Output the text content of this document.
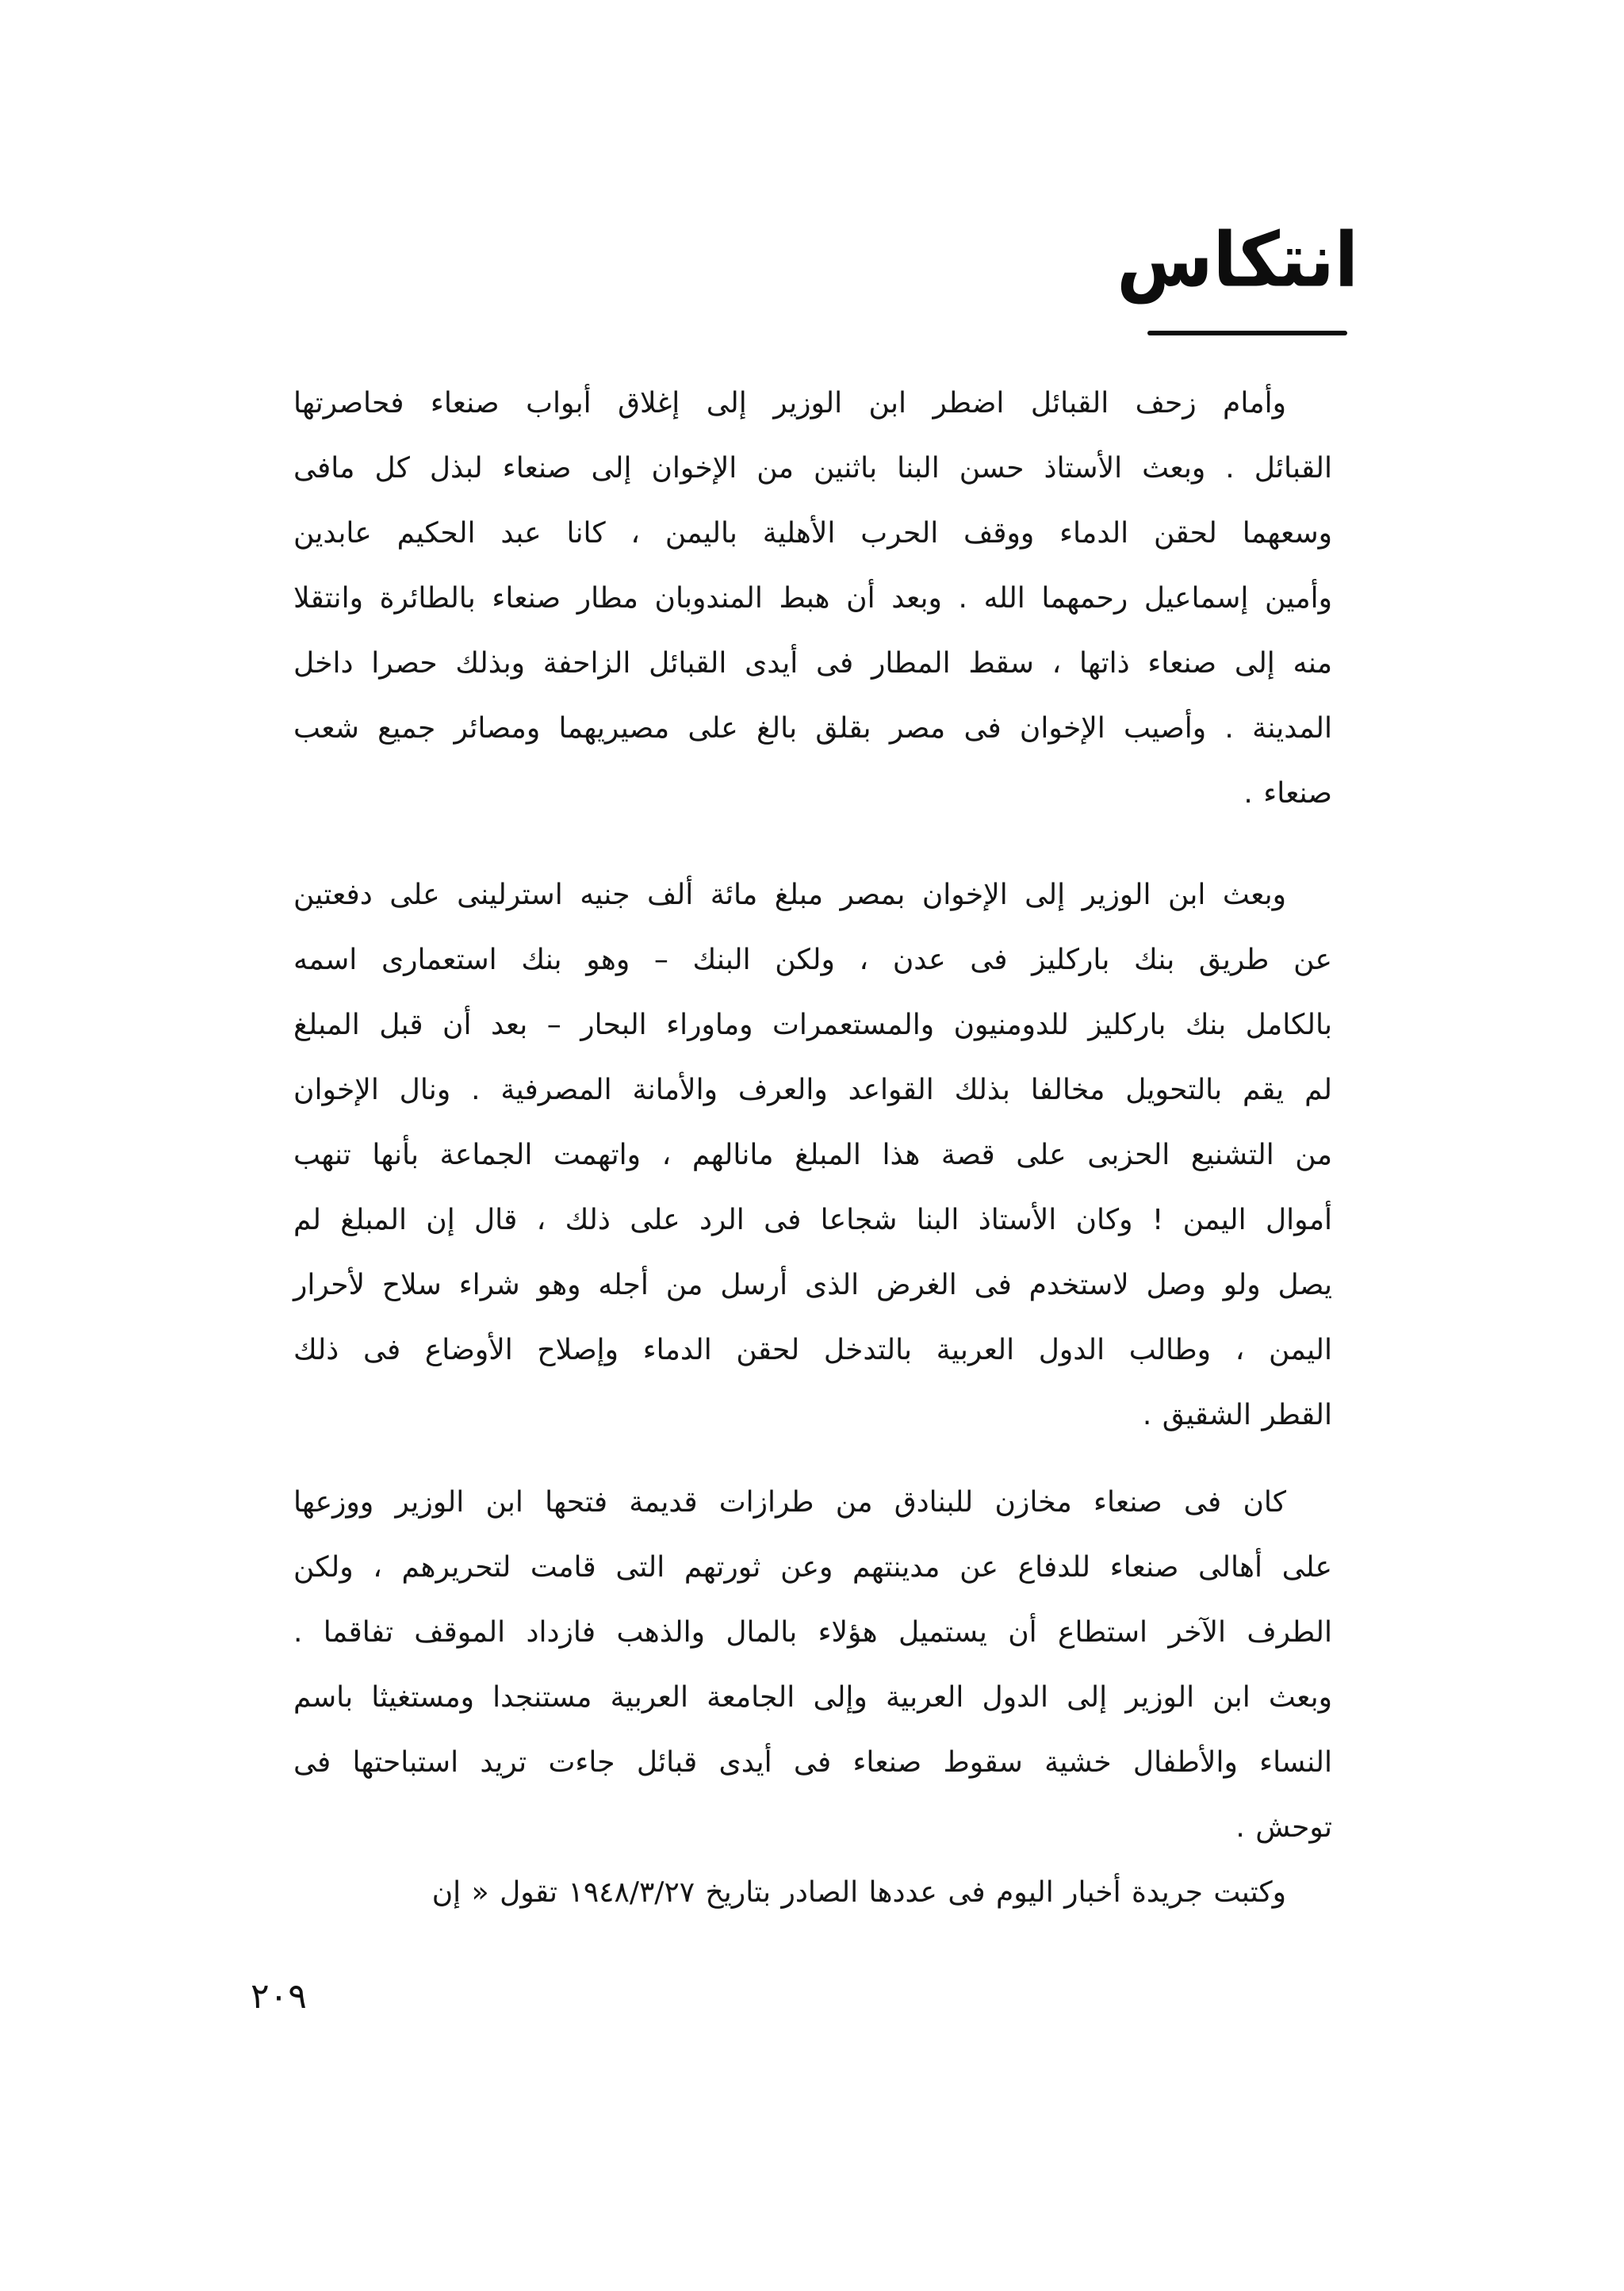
انتكاس
وأمام زحف القبائل اضطر ابن الوزير إلى إغلاق أبواب صنعاء فحاصرتها
القبائل . وبعث الأستاذ حسن البنا باثنين من الإخوان إلى صنعاء لبذل كل مافى
وسعهما لحقن الدماء ووقف الحرب الأهلية باليمن ، كانا عبد الحكيم عابدين
وأمين إسماعيل رحمهما الله . وبعد أن هبط المندوبان مطار صنعاء بالطائرة وانتقلا
منه إلى صنعاء ذاتها ، سقط المطار فى أيدى القبائل الزاحفة وبذلك حصرا داخل
المدينة . وأصيب الإخوان فى مصر بقلق بالغ على مصيريهما ومصائر جميع شعب
صنعاء .
وبعث ابن الوزير إلى الإخوان بمصر مبلغ مائة ألف جنيه استرلينى على دفعتين
عن طريق بنك باركليز فى عدن ، ولكن البنك – وهو بنك استعمارى اسمه
بالكامل بنك باركليز للدومنيون والمستعمرات وماوراء البحار – بعد أن قبل المبلغ
لم يقم بالتحويل مخالفا بذلك القواعد والعرف والأمانة المصرفية . ونال الإخوان
من التشنيع الحزبى على قصة هذا المبلغ مانالهم ، واتهمت الجماعة بأنها تنهب
أموال اليمن ! وكان الأستاذ البنا شجاعا فى الرد على ذلك ، قال إن المبلغ لم
يصل ولو وصل لاستخدم فى الغرض الذى أرسل من أجله وهو شراء سلاح لأحرار
اليمن ، وطالب الدول العربية بالتدخل لحقن الدماء وإصلاح الأوضاع فى ذلك
القطر الشقيق .
كان فى صنعاء مخازن للبنادق من طرازات قديمة فتحها ابن الوزير ووزعها
على أهالى صنعاء للدفاع عن مدينتهم وعن ثورتهم التى قامت لتحريرهم ، ولكن
الطرف الآخر استطاع أن يستميل هؤلاء بالمال والذهب فازداد الموقف تفاقما .
وبعث ابن الوزير إلى الدول العربية وإلى الجامعة العربية مستنجدا ومستغيثا باسم
النساء والأطفال خشية سقوط صنعاء فى أيدى قبائل جاءت تريد استباحتها فى
توحش .
وكتبت جريدة أخبار اليوم فى عددها الصادر بتاريخ ١٩٤٨/٣/٢٧ تقول « إن
٢٠٩
